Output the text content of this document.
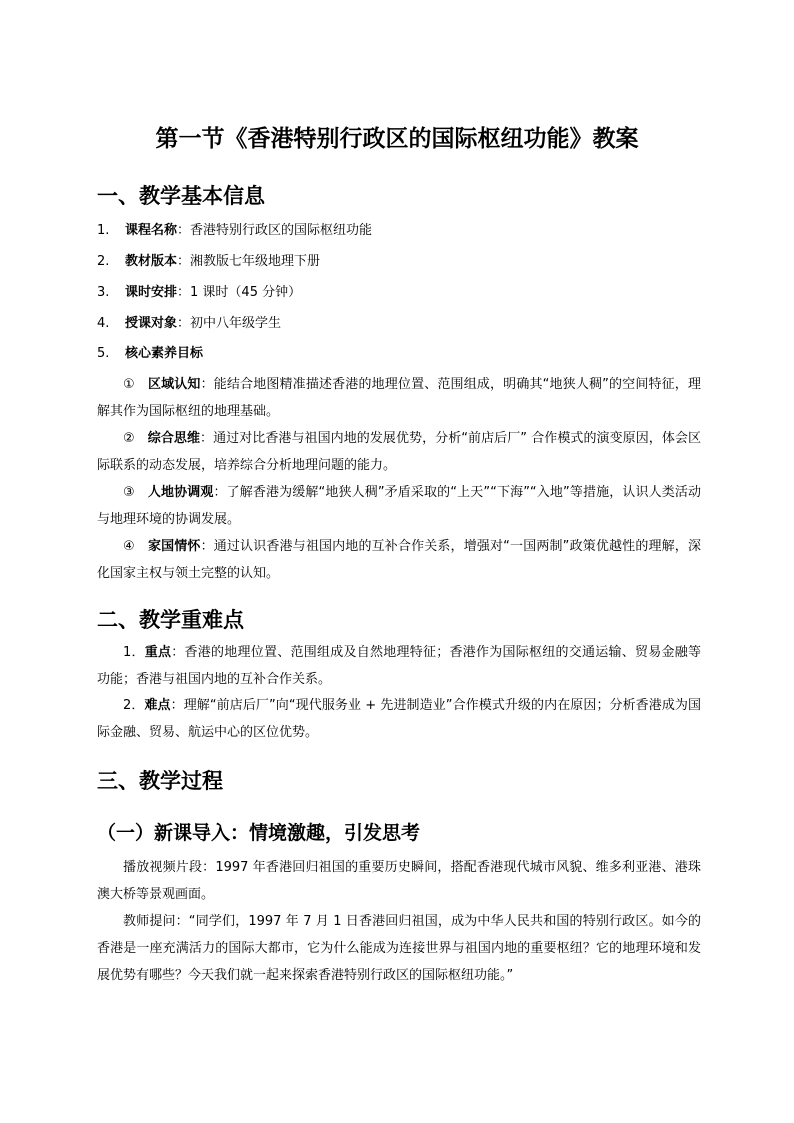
第一节《香港特别行政区的国际枢纽功能》教案
一、教学基本信息
1. 课程名称：香港特别行政区的国际枢纽功能
2. 教材版本：湘教版七年级地理下册
3. 课时安排：1 课时（45 分钟）
4. 授课对象：初中八年级学生
5. 核心素养目标
①　 区域认知：能结合地图精准描述香港的地理位置、范围组成，明确其“地狭人稠”的空间特征，理解其作为国际枢纽的地理基础。
②　 综合思维：通过对比香港与祖国内地的发展优势，分析“前店后厂” 合作模式的演变原因，体会区际联系的动态发展，培养综合分析地理问题的能力。
③　 人地协调观：了解香港为缓解“地狭人稠”矛盾采取的“上天”“下海”“入地”等措施，认识人类活动与地理环境的协调发展。
④　 家国情怀：通过认识香港与祖国内地的互补合作关系，增强对“一国两制”政策优越性的理解，深化国家主权与领土完整的认知。
二、教学重难点
1．重点：香港的地理位置、范围组成及自然地理特征；香港作为国际枢纽的交通运输、贸易金融等功能；香港与祖国内地的互补合作关系。
2．难点：理解“前店后厂”向“现代服务业 + 先进制造业”合作模式升级的内在原因；分析香港成为国际金融、贸易、航运中心的区位优势。
三、教学过程
（一）新课导入：情境激趣，引发思考
播放视频片段：1997 年香港回归祖国的重要历史瞬间，搭配香港现代城市风貌、维多利亚港、港珠澳大桥等景观画面。
教师提问：“同学们，1997 年 7 月 1 日香港回归祖国，成为中华人民共和国的特别行政区。如今的香港是一座充满活力的国际大都市，它为什么能成为连接世界与祖国内地的重要枢纽？它的地理环境和发展优势有哪些？今天我们就一起来探索香港特别行政区的国际枢纽功能。”
